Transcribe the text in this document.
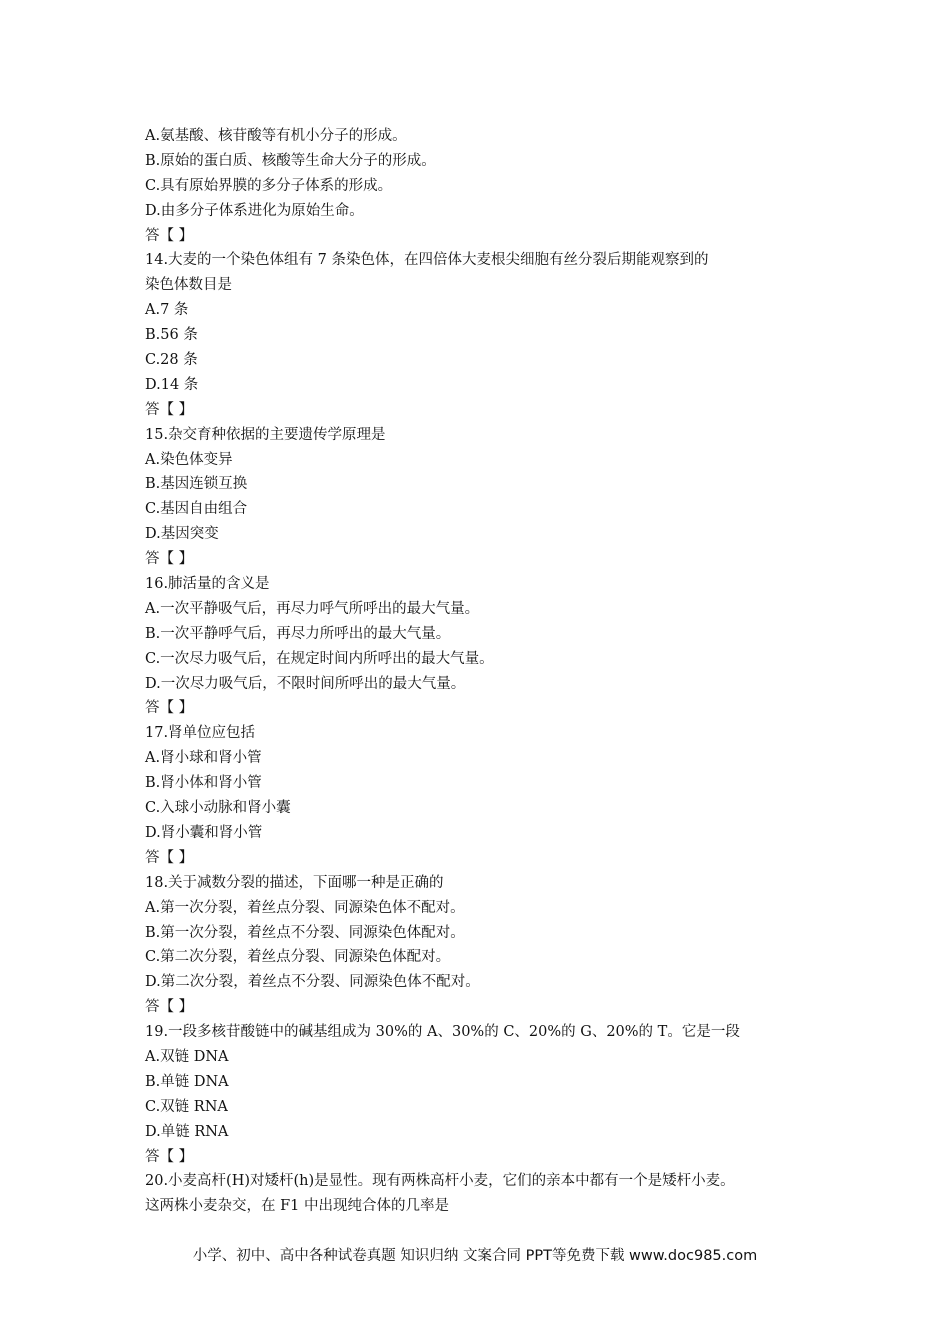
A.氨基酸、核苷酸等有机小分子的形成。
B.原始的蛋白质、核酸等生命大分子的形成。
C.具有原始界膜的多分子体系的形成。
D.由多分子体系进化为原始生命。
答【 】
14.大麦的一个染色体组有 7 条染色体，在四倍体大麦根尖细胞有丝分裂后期能观察到的
染色体数目是
A.7 条
B.56 条
C.28 条
D.14 条
答【 】
15.杂交育种依据的主要遗传学原理是
A.染色体变异
B.基因连锁互换
C.基因自由组合
D.基因突变
答【 】
16.肺活量的含义是
A.一次平静吸气后，再尽力呼气所呼出的最大气量。
B.一次平静呼气后，再尽力所呼出的最大气量。
C.一次尽力吸气后，在规定时间内所呼出的最大气量。
D.一次尽力吸气后，不限时间所呼出的最大气量。
答【 】
17.肾单位应包括
A.肾小球和肾小管
B.肾小体和肾小管
C.入球小动脉和肾小囊
D.肾小囊和肾小管
答【 】
18.关于减数分裂的描述，下面哪一种是正确的
A.第一次分裂，着丝点分裂、同源染色体不配对。
B.第一次分裂，着丝点不分裂、同源染色体配对。
C.第二次分裂，着丝点分裂、同源染色体配对。
D.第二次分裂，着丝点不分裂、同源染色体不配对。
答【 】
19.一段多核苷酸链中的碱基组成为 30%的 A、30%的 C、20%的 G、20%的 T。它是一段
A.双链 DNA
B.单链 DNA
C.双链 RNA
D.单链 RNA
答【 】
20.小麦高杆(H)对矮杆(h)是显性。现有两株高杆小麦，它们的亲本中都有一个是矮杆小麦。
这两株小麦杂交，在 F1 中出现纯合体的几率是
小学、初中、高中各种试卷真题 知识归纳 文案合同 PPT等免费下载 www.doc985.com
